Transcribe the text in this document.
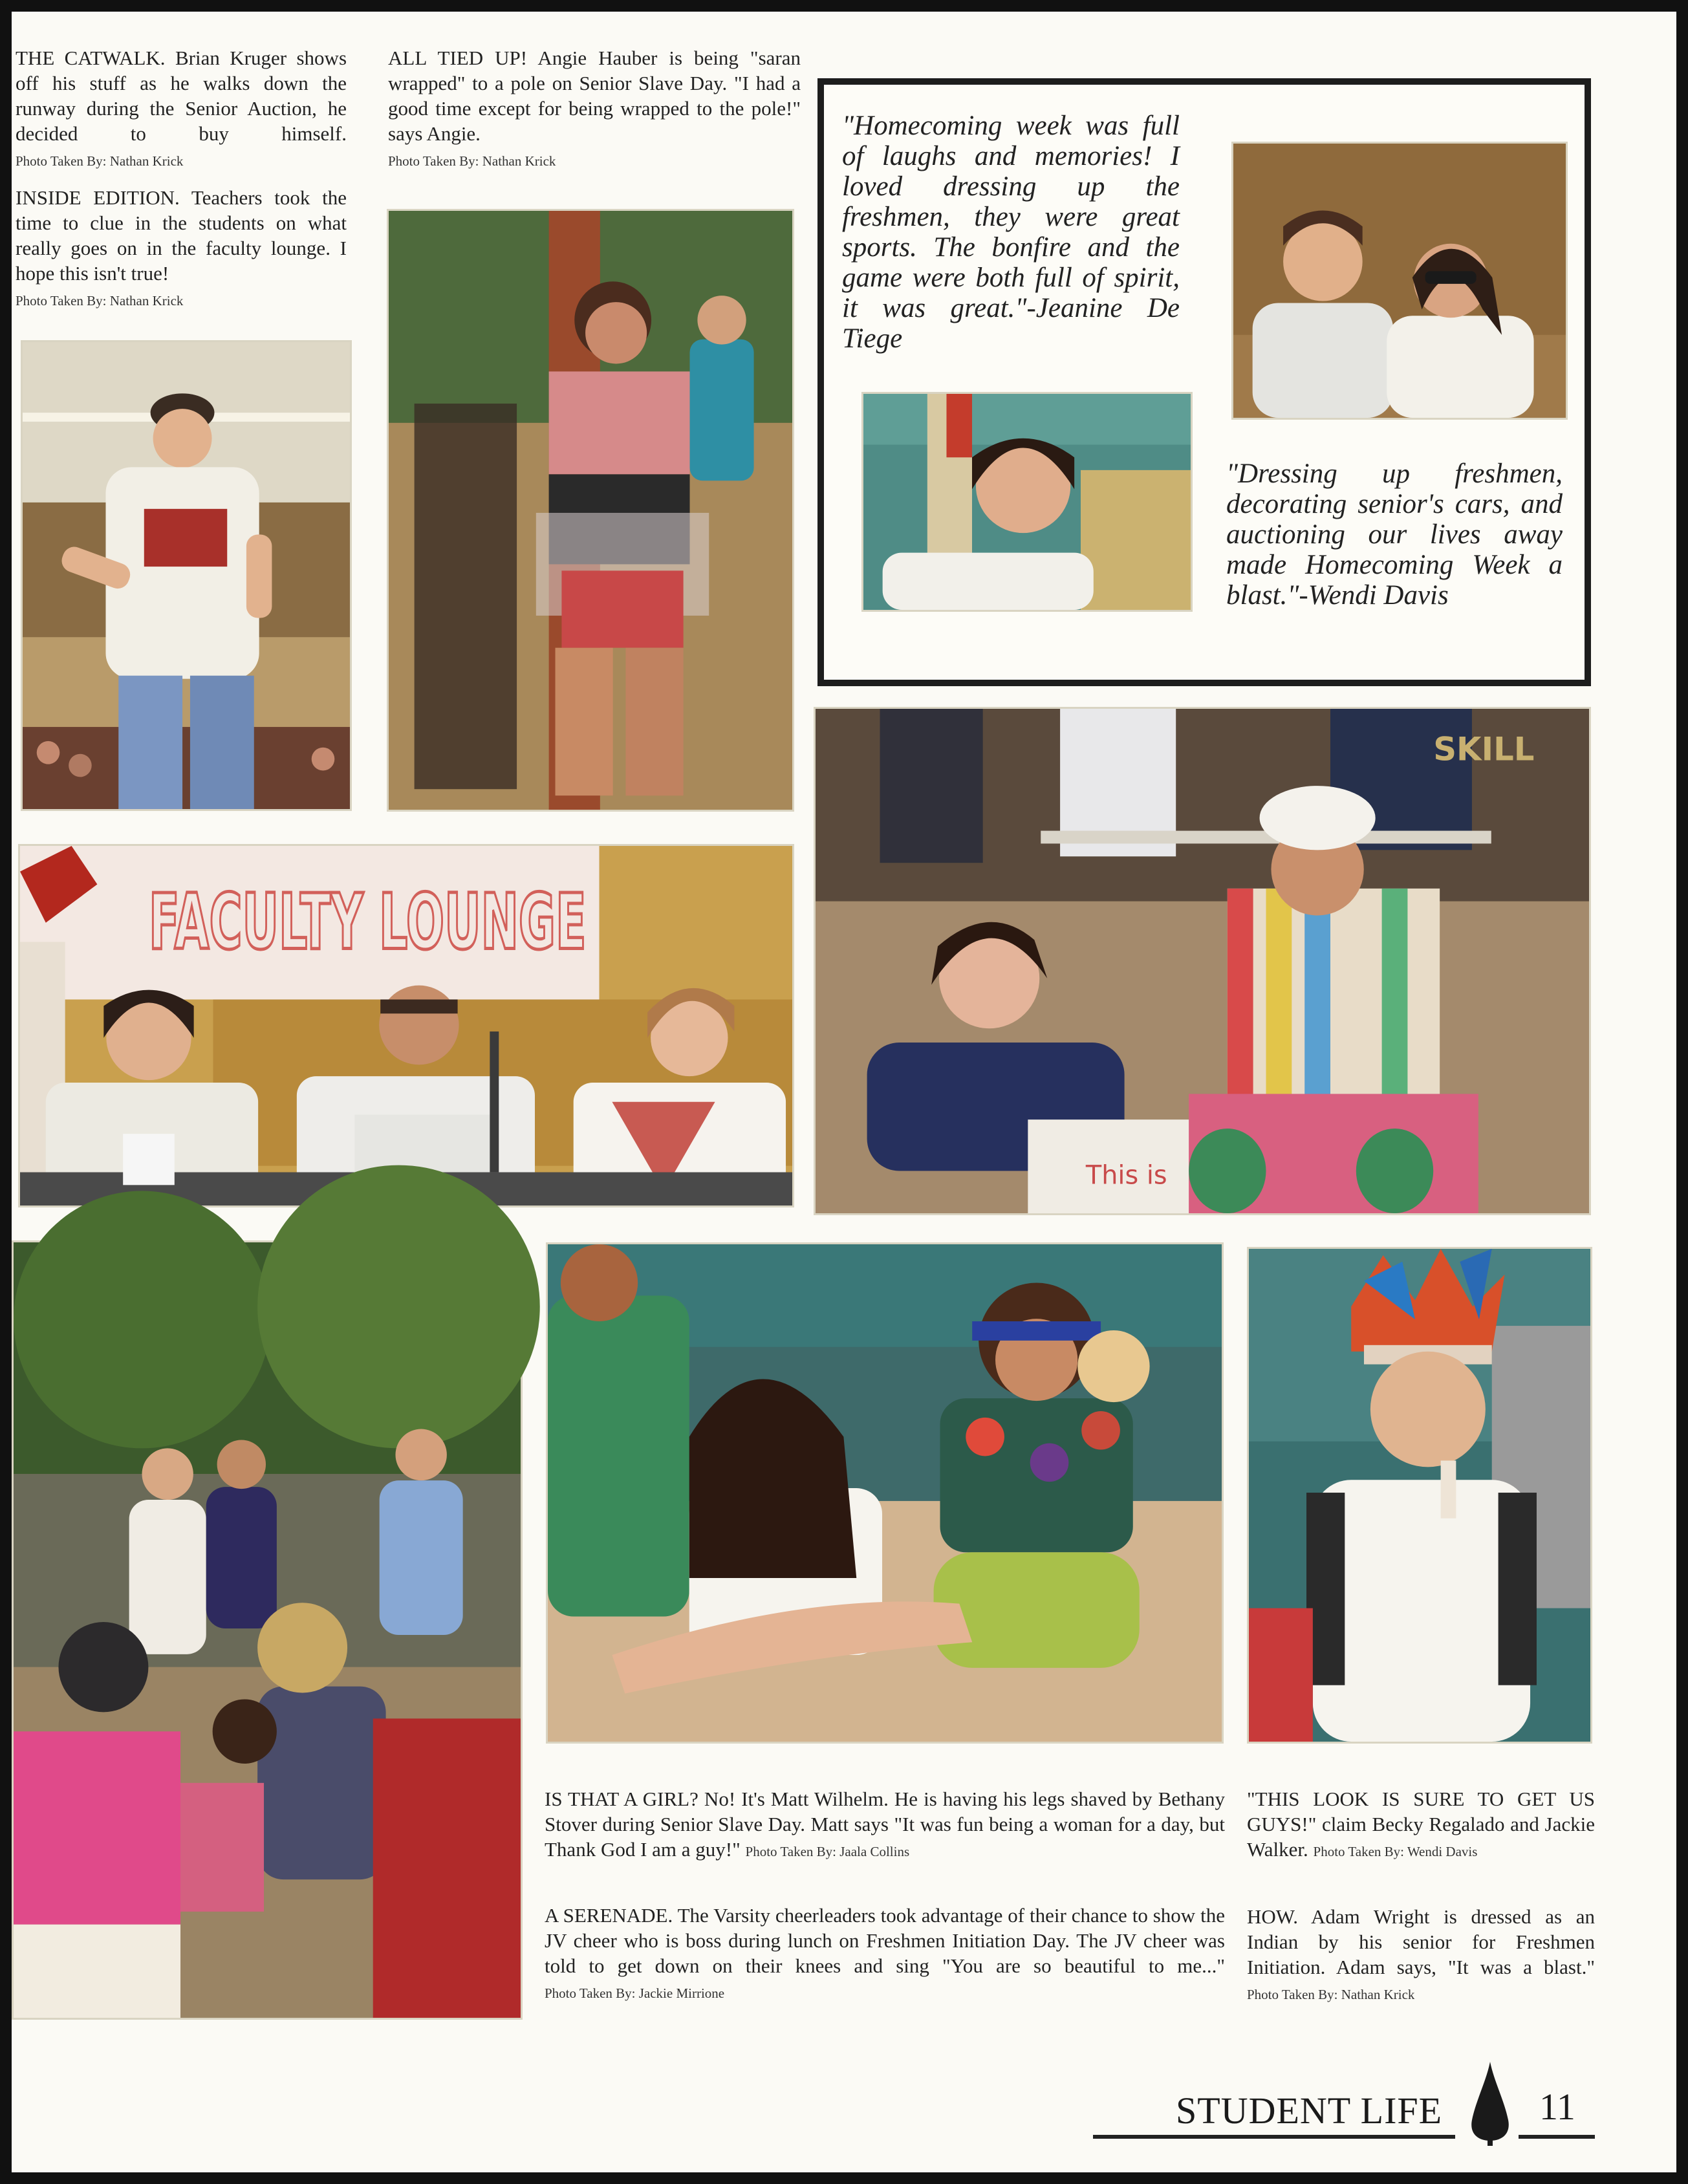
THE CATWALK. Brian Kruger shows off his stuff as he walks down the runway during the Senior Auction, he decided to buy himself. Photo Taken By: Nathan Krick
INSIDE EDITION. Teachers took the time to clue in the students on what really goes on in the faculty lounge. I hope this isn't true!
Photo Taken By: Nathan Krick
ALL TIED UP! Angie Hauber is being "saran wrapped" to a pole on Senior Slave Day. "I had a good time except for being wrapped to the pole!" says Angie.
Photo Taken By: Nathan Krick
"Homecoming week was full of laughs and memories! I loved dressing up the freshmen, they were great sports. The bonfire and the game were both full of spirit, it was great."-Jeanine De Tiege
"Dressing up freshmen, decorating senior's cars, and auctioning our lives away made Homecoming Week a blast."-Wendi Davis
FACULTY LOUNGE
SKILL
This is
IS THAT A GIRL? No! It's Matt Wilhelm. He is having his legs shaved by Bethany Stover during Senior Slave Day. Matt says "It was fun being a woman for a day, but Thank God I am a guy!" Photo Taken By: Jaala Collins
A SERENADE. The Varsity cheerleaders took advantage of their chance to show the JV cheer who is boss during lunch on Freshmen Initiation Day. The JV cheer was told to get down on their knees and sing "You are so beautiful to me..." Photo Taken By: Jackie Mirrione
"THIS LOOK IS SURE TO GET US GUYS!" claim Becky Regalado and Jackie Walker. Photo Taken By: Wendi Davis
HOW. Adam Wright is dressed as an Indian by his senior for Freshmen Initiation. Adam says, "It was a blast." Photo Taken By: Nathan Krick
STUDENT LIFE	11
